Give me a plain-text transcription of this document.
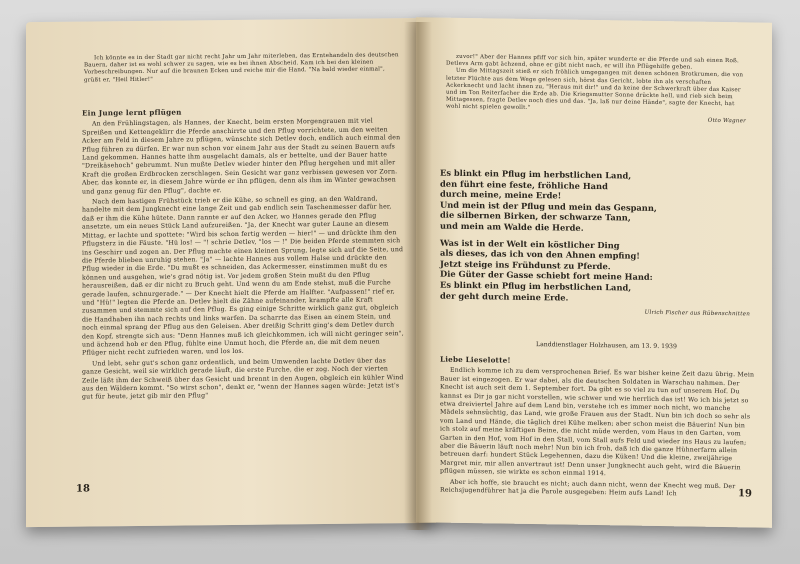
Ich könnte es in der Stadt gar nicht recht Jahr um Jahr miterleben, das Erntehandeln des deutschen Bauern, daher ist es wohl schwer zu sagen, wie es bei ihnen Abscheid. Kam ich bei den kleinen Vorbeschreibungen. Nur auf die braunen Ecken und reiche mir die Hand. "Na bald wieder einmal", grüßt er, "Heil Hitler!"

Ein Junge lernt pflügen

An den Frühlingstagen, als Hannes, der Knecht, beim ersten Morgengrauen mit viel Spreißen und Kettengeklirr die Pferde anschirrte und den Pflug vorrichtete, um den weiten Acker am Feld in diesem Jahre zu pflügen, wünschte sich Detlev doch, endlich auch einmal den Pflug führen zu dürfen. Er war nun schon vor einem Jahr aus der Stadt zu seinen Bauern aufs Land gekommen. Hannes hatte ihm ausgelacht damals, als er bettelte, und der Bauer hatte "Dreikäsehoch" gebrummt. Nun mußte Detlev wieder hinter den Pflug hergehen und mit aller Kraft die großen Erdbrocken zerschlagen. Sein Gesicht war ganz verbissen gewesen vor Zorn. Aber, das konnte er, in diesem Jahre würde er ihn pflügen, denn als ihm im Winter gewachsen und ganz genug für den Pflug", dachte er.

Nach dem hastigen Frühstück trieb er die Kühe, so schnell es ging, an den Waldrand, handelte mit dem Jungknecht eine lange Zeit und gab endlich sein Taschenmesser dafür her, daß er ihm die Kühe hütete. Dann rannte er auf den Acker, wo Hannes gerade den Pflug ansetzte, um ein neues Stück Land aufzureißen. "Ja, der Knecht war guter Laune an diesem Mittag, er lachte und spottete: "Wird bis schon fertig werden — hier!" — und drückte ihm den Pflugsterz in die Fäuste. "Hü los! — "! schrie Detlev, "los — !" Die beiden Pferde stemmten sich ins Geschirr und zogen an. Der Pflug machte einen kleinen Sprung, legte sich auf die Seite, und die Pferde blieben unruhig stehen. "Ja" — lachte Hannes aus vollem Halse und drückte den Pflug wieder in die Erde. "Du mußt es schneiden, das Ackermesser, einstimmen mußt du es können und ausgehen, wie's grad nötig ist. Vor jedem großen Stein mußt du den Pflug herausreißen, daß er dir nicht zu Bruch geht. Und wenn du am Ende stehst, muß die Furche gerade laufen, schnurgerade." — Der Knecht hielt die Pferde am Halfter. "Aufpassen!" rief er, und "Hü!" legten die Pferde an. Detlev hielt die Zähne aufeinander, krampfte alle Kraft zusammen und stemmte sich auf den Pflug. Es ging einige Schritte wirklich ganz gut, obgleich die Handhaben ihn nach rechts und links warfen. Da scharrte das Eisen an einem Stein, und noch einmal sprang der Pflug aus den Geleisen. Aber dreißig Schritt ging's dem Detlev durch den Kopf, strengte sich aus: "Denn Hannes muß ich gleichkommen, ich will nicht geringer sein", und ächzend hob er den Pflug, fühlte eine Unmut hoch, die Pferde an, die mit dem neuen Pflüger nicht recht zufrieden waren, und los los.

Und lebt, sehr gut's schon ganz ordentlich, und beim Umwenden lachte Detlev über das ganze Gesicht, weil sie wirklich gerade läuft, die erste Furche, die er zog. Noch der vierten Zeile läßt ihm der Schweiß über das Gesicht und brennt in den Augen, obgleich ein kühler Wind aus den Wäldern kommt. "So wirst schon", denkt er, "wenn der Hannes sagen würde: Jetzt ist's gut für heute, jetzt gib mir den Pflug"

18

zuvor!" Aber der Hannes pfiff vor sich hin, später wunderte er die Pferde und sah einen Roß. Detlevs Arm gabt ächzend, ohne er gibt nicht nach, er will ihn Pflügehilfe geben.

Um die Mittagszeit stieß er sich fröhlich umgegangen mit denen schönen Brotkrumen, die von letzter Flüchte aus dem Wege gelesen sich, hörst das Gericht, lobte ihn als verschaften Ackerknecht und lacht ihnen zu, "Heraus mit dir!" und da keine der Schwerkraft über das Kaiser und im Ton Reiterfacher die Erde ab. Die Kriegsmutter Sonne drückte hell, und rieb sich beim Mittagessen, fragte Detlev noch dies und das. "Ja, laß nur deine Hände", sagte der Knecht, hat wohl nicht spielen gewollt."

Otto Wagner
Es blinkt ein Pflug im herbstlichen Land,
den führt eine feste, fröhliche Hand
durch meine, meine Erde!
Und mein ist der Pflug und mein das Gespann,
die silbernen Birken, der schwarze Tann,
und mein am Walde die Herde.
Was ist in der Welt ein köstlicher Ding
als dieses, das ich von den Ahnen empfing!
Jetzt steige ins Frühdunst zu Pferde.
Die Güter der Gasse schiebt fort meine Hand:
Es blinkt ein Pflug im herbstlichen Land,
der geht durch meine Erde.
Ulrich Fischer aus Rübenschnitten
Landdienstlager Holzhausen, am 13. 9. 1939
Liebe Lieselotte!

Endlich komme ich zu dem versprochenen Brief. Es war bisher keine Zeit dazu übrig. Mein Bauer ist eingezogen. Er war dabei, als die deutschen Soldaten in Warschau nahmen. Der Knecht ist auch seit dem 1. September fort. Da gibt es so viel zu tun auf unserem Hof. Du kannst es Dir ja gar nicht vorstellen, wie schwer und wie herrlich das ist! Wo ich bis jetzt so etwa dreiviertel Jahre auf dem Land bin, verstehe ich es immer noch nicht, wo manche Mädels sehnsüchtig, das Land, wie große Frauen aus der Stadt. Nun bin ich doch so sehr als vom Land und Hände, die täglich drei Kühe melken; aber schon meist die Bäuerin! Nun bin ich stolz auf meine kräftigen Beine, die nicht müde werden, vom Haus in den Garten, vom Garten in den Hof, vom Hof in den Stall, vom Stall aufs Feld und wieder ins Haus zu laufen; aber die Bäuerin läuft noch mehr! Nun bin ich froh, daß ich die ganze Hühnerfarm allein betreuen darf: hundert Stück Legehennen, dazu die Küken! Und die kleine, zweijährige Margret mir, mir allen anvertraut ist! Denn unser Jungknecht auch geht, wird die Bäuerin pflügen müssen, sie wirkte es schon einmal 1914.

Aber ich hoffe, sie braucht es nicht; auch dann nicht, wenn der Knecht weg muß. Der Reichsjugendführer hat ja die Parole ausgegeben: Heim aufs Land! Ich	19
